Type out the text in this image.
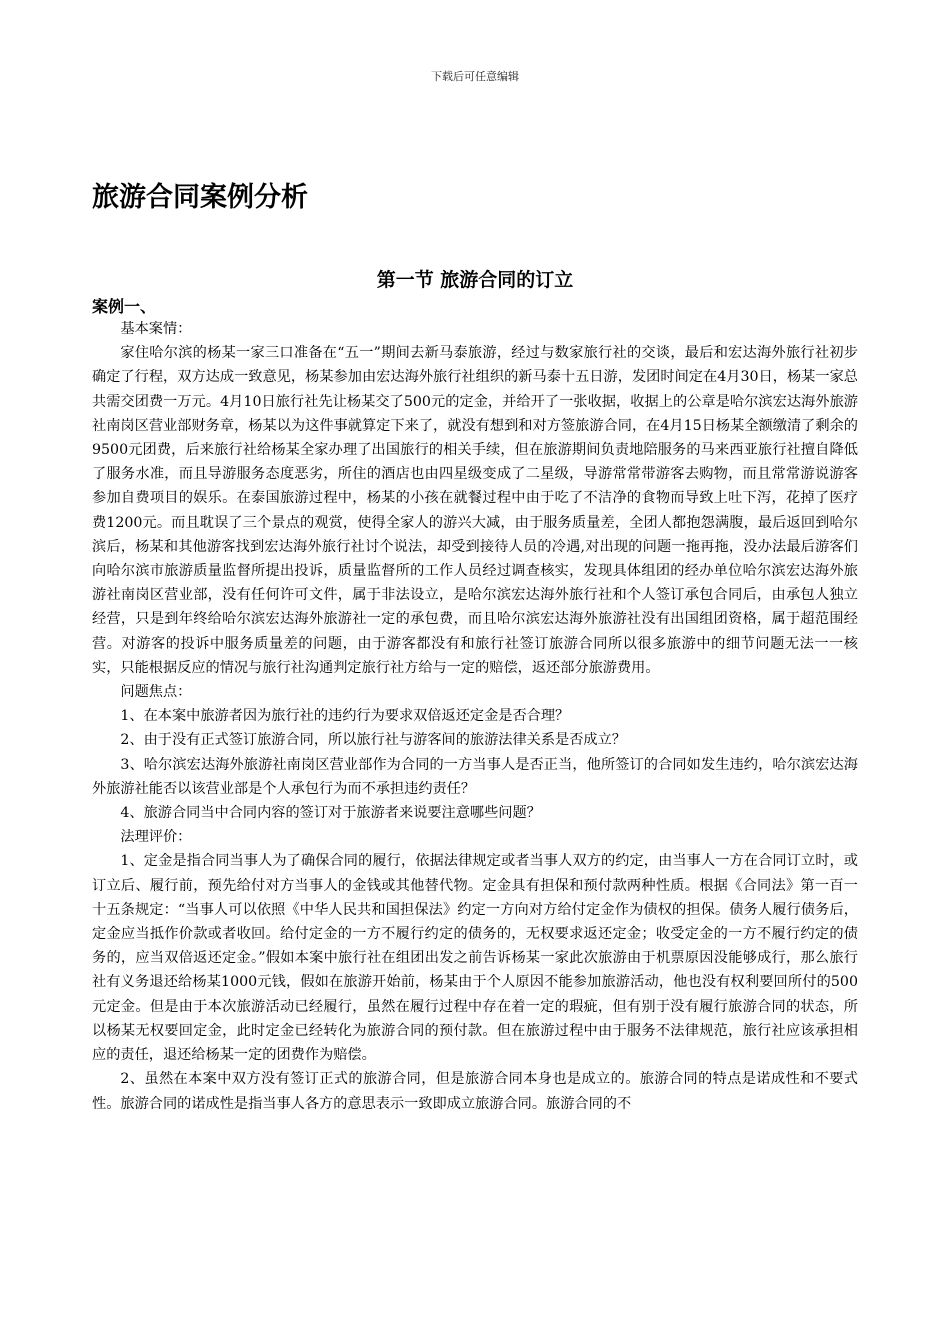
下载后可任意编辑
旅游合同案例分析
第一节 旅游合同的订立
案例一、

基本案情：

家住哈尔滨的杨某一家三口准备在“五一”期间去新马泰旅游，经过与数家旅行社的交谈，最后和宏达海外旅行社初步确定了行程，双方达成一致意见，杨某参加由宏达海外旅行社组织的新马泰十五日游，发团时间定在4月30日，杨某一家总共需交团费一万元。4月10日旅行社先让杨某交了500元的定金，并给开了一张收据，收据上的公章是哈尔滨宏达海外旅游社南岗区营业部财务章，杨某以为这件事就算定下来了，就没有想到和对方签旅游合同，在4月15日杨某全额缴清了剩余的9500元团费，后来旅行社给杨某全家办理了出国旅行的相关手续，但在旅游期间负责地陪服务的马来西亚旅行社擅自降低了服务水准，而且导游服务态度恶劣，所住的酒店也由四星级变成了二星级，导游常常带游客去购物，而且常常游说游客参加自费项目的娱乐。在泰国旅游过程中，杨某的小孩在就餐过程中由于吃了不洁净的食物而导致上吐下泻，花掉了医疗费1200元。而且耽误了三个景点的观赏，使得全家人的游兴大减，由于服务质量差，全团人都抱怨满腹，最后返回到哈尔滨后，杨某和其他游客找到宏达海外旅行社讨个说法，却受到接待人员的冷遇,对出现的问题一拖再拖，没办法最后游客们向哈尔滨市旅游质量监督所提出投诉，质量监督所的工作人员经过调查核实，发现具体组团的经办单位哈尔滨宏达海外旅游社南岗区营业部，没有任何许可文件，属于非法设立，是哈尔滨宏达海外旅行社和个人签订承包合同后，由承包人独立经营，只是到年终给哈尔滨宏达海外旅游社一定的承包费，而且哈尔滨宏达海外旅游社没有出国组团资格，属于超范围经营。对游客的投诉中服务质量差的问题，由于游客都没有和旅行社签订旅游合同所以很多旅游中的细节问题无法一一核实，只能根据反应的情况与旅行社沟通判定旅行社方给与一定的赔偿，返还部分旅游费用。

问题焦点：

1、在本案中旅游者因为旅行社的违约行为要求双倍返还定金是否合理？

2、由于没有正式签订旅游合同，所以旅行社与游客间的旅游法律关系是否成立？

3、哈尔滨宏达海外旅游社南岗区营业部作为合同的一方当事人是否正当，他所签订的合同如发生违约，哈尔滨宏达海外旅游社能否以该营业部是个人承包行为而不承担违约责任？

4、旅游合同当中合同内容的签订对于旅游者来说要注意哪些问题？

法理评价：

1、定金是指合同当事人为了确保合同的履行，依据法律规定或者当事人双方的约定，由当事人一方在合同订立时，或订立后、履行前，预先给付对方当事人的金钱或其他替代物。定金具有担保和预付款两种性质。根据《合同法》第一百一十五条规定：“当事人可以依照《中华人民共和国担保法》约定一方向对方给付定金作为债权的担保。债务人履行债务后，定金应当抵作价款或者收回。给付定金的一方不履行约定的债务的，无权要求返还定金；收受定金的一方不履行约定的债务的，应当双倍返还定金。”假如本案中旅行社在组团出发之前告诉杨某一家此次旅游由于机票原因没能够成行，那么旅行社有义务退还给杨某1000元钱，假如在旅游开始前，杨某由于个人原因不能参加旅游活动，他也没有权利要回所付的500元定金。但是由于本次旅游活动已经履行，虽然在履行过程中存在着一定的瑕疵，但有别于没有履行旅游合同的状态，所以杨某无权要回定金，此时定金已经转化为旅游合同的预付款。但在旅游过程中由于服务不法律规范，旅行社应该承担相应的责任，退还给杨某一定的团费作为赔偿。

2、虽然在本案中双方没有签订正式的旅游合同，但是旅游合同本身也是成立的。旅游合同的特点是诺成性和不要式性。旅游合同的诺成性是指当事人各方的意思表示一致即成立旅游合同。旅游合同的不
